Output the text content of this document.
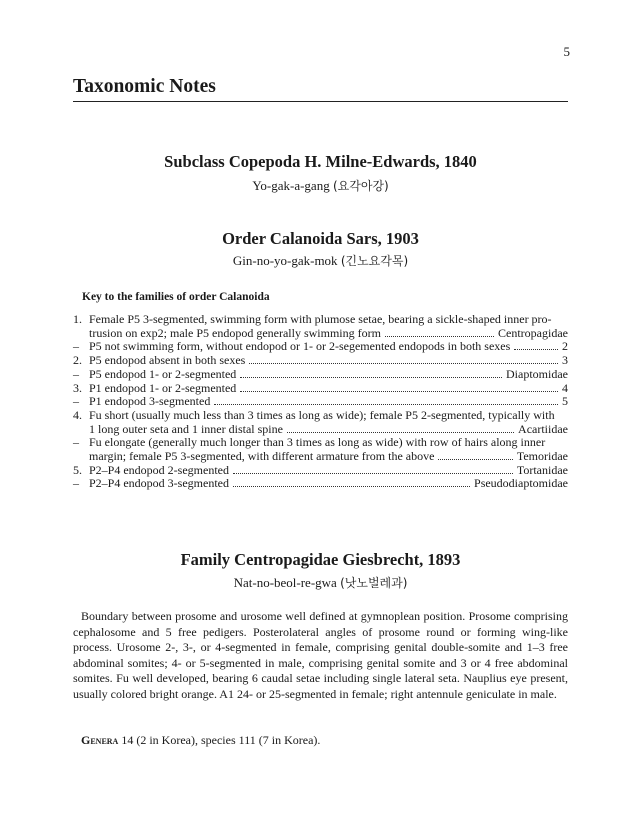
5
Taxonomic Notes
Subclass Copepoda H. Milne-Edwards, 1840
Yo-gak-a-gang (요각아강)
Order Calanoida Sars, 1903
Gin-no-yo-gak-mok (긴노요각목)
Key to the families of order Calanoida
1. Female P5 3-segmented, swimming form with plumose setae, bearing a sickle-shaped inner pro-
trusion on exp2; male P5 endopod generally swimming form	Centropagidae
– P5 not swimming form, without endopod or 1- or 2-segemented endopods in both sexes	2
2. P5 endopod absent in both sexes	3
– P5 endopod 1- or 2-segmented	Diaptomidae
3. P1 endopod 1- or 2-segmented	4
– P1 endopod 3-segmented	5
4. Fu short (usually much less than 3 times as long as wide); female P5 2-segmented, typically with
1 long outer seta and 1 inner distal spine	Acartiidae
– Fu elongate (generally much longer than 3 times as long as wide) with row of hairs along inner
margin; female P5 3-segmented, with different armature from the above	Temoridae
5. P2–P4 endopod 2-segmented	Tortanidae
– P2–P4 endopod 3-segmented	Pseudodiaptomidae
Family Centropagidae Giesbrecht, 1893
Nat-no-beol-re-gwa (낫노벌레과)
Boundary between prosome and urosome well defined at gymnoplean position. Prosome comprising cephalosome and 5 free pedigers. Posterolateral angles of prosome round or forming wing-like process. Urosome 2-, 3-, or 4-segmented in female, comprising genital double-somite and 1–3 free abdominal somites; 4- or 5-segmented in male, comprising genital somite and 3 or 4 free abdominal somites. Fu well developed, bearing 6 caudal setae including single lateral seta. Nauplius eye present, usually colored bright orange. A1 24- or 25-segmented in female; right antennule geniculate in male.
Genera 14 (2 in Korea), species 111 (7 in Korea).
